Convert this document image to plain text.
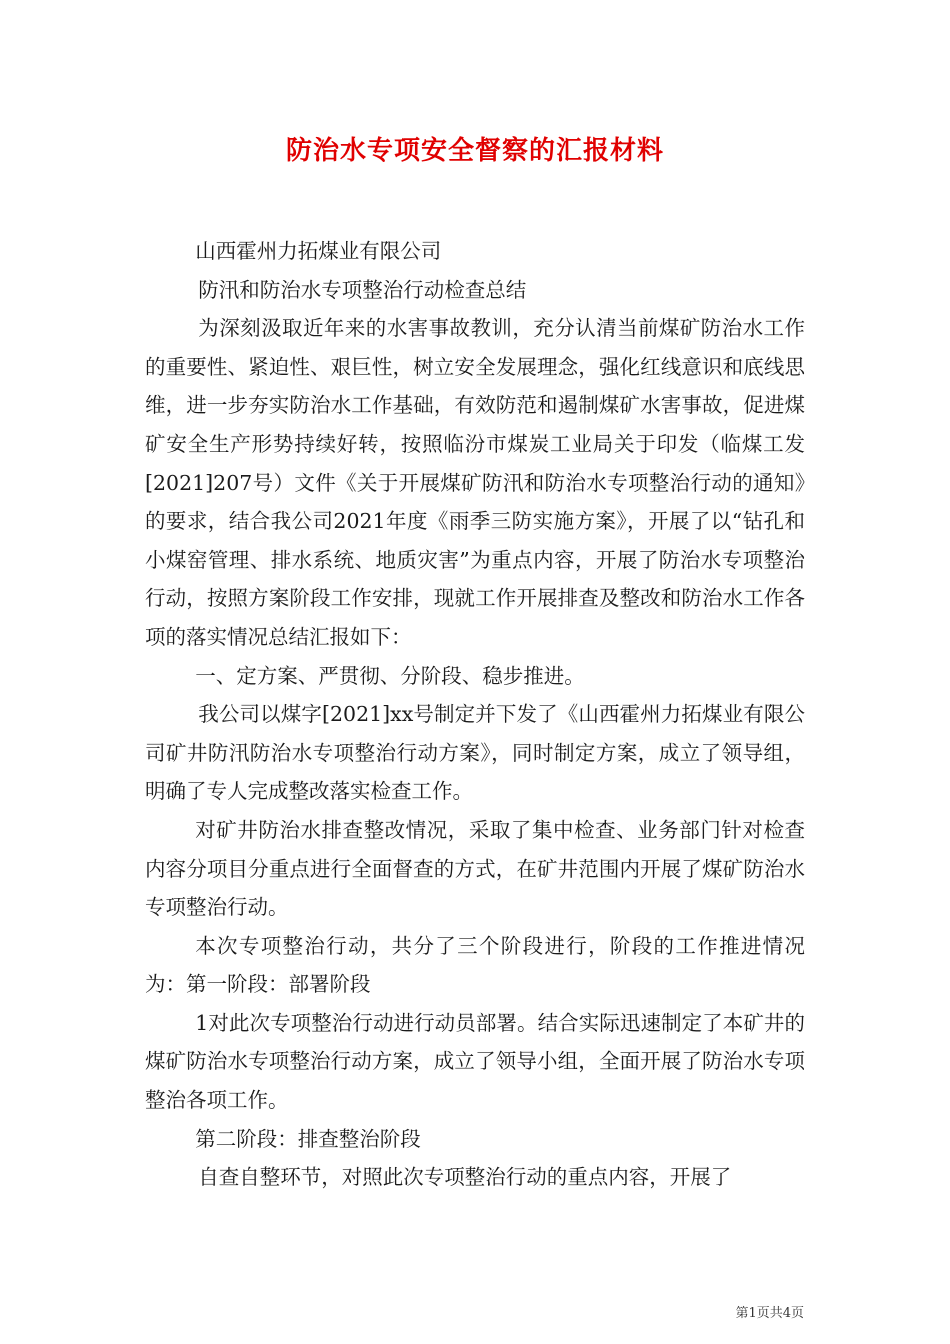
防治水专项安全督察的汇报材料

山西霍州力拓煤业有限公司

防汛和防治水专项整治行动检查总结

为深刻汲取近年来的水害事故教训，充分认清当前煤矿防治水工作的重要性、紧迫性、艰巨性，树立安全发展理念，强化红线意识和底线思维，进一步夯实防治水工作基础，有效防范和遏制煤矿水害事故，促进煤矿安全生产形势持续好转，按照临汾市煤炭工业局关于印发（临煤工发[2021]207号）文件《关于开展煤矿防汛和防治水专项整治行动的通知》的要求，结合我公司2021年度《雨季三防实施方案》，开展了以“钻孔和小煤窑管理、排水系统、地质灾害”为重点内容，开展了防治水专项整治行动，按照方案阶段工作安排，现就工作开展排查及整改和防治水工作各项的落实情况总结汇报如下：

一、定方案、严贯彻、分阶段、稳步推进。

我公司以煤字[2021]xx号制定并下发了《山西霍州力拓煤业有限公司矿井防汛防治水专项整治行动方案》，同时制定方案，成立了领导组，明确了专人完成整改落实检查工作。

对矿井防治水排查整改情况，采取了集中检查、业务部门针对检查内容分项目分重点进行全面督查的方式，在矿井范围内开展了煤矿防治水专项整治行动。

本次专项整治行动，共分了三个阶段进行，阶段的工作推进情况为：第一阶段：部署阶段

1对此次专项整治行动进行动员部署。结合实际迅速制定了本矿井的煤矿防治水专项整治行动方案，成立了领导小组，全面开展了防治水专项整治各项工作。

第二阶段：排查整治阶段

自查自整环节，对照此次专项整治行动的重点内容，开展了

第1页共4页
